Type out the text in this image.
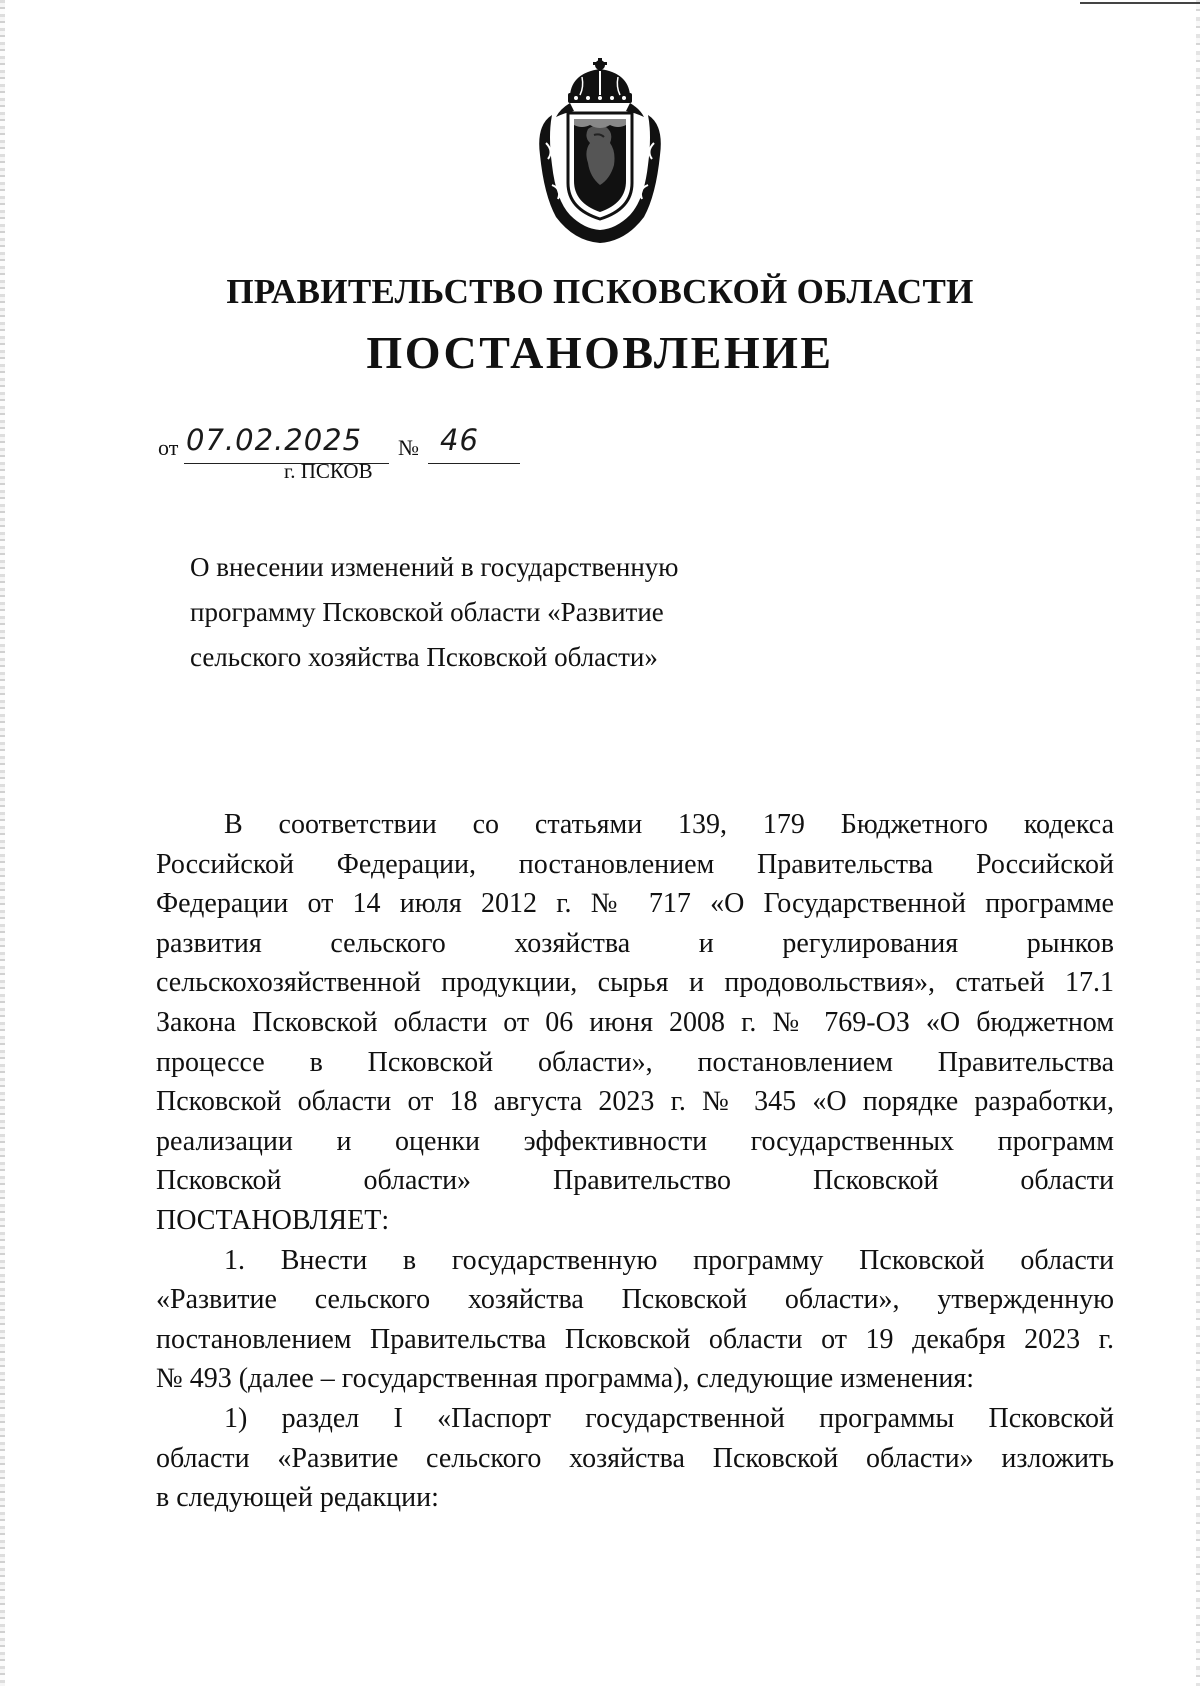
ПРАВИТЕЛЬСТВО ПСКОВСКОЙ ОБЛАСТИ
ПОСТАНОВЛЕНИЕ
от 07.02.2025 № 46
г. ПСКОВ
О внесении изменений в государственную
программу Псковской области «Развитие
сельского хозяйства Псковской области»
В соответствии со статьями 139, 179 Бюджетного кодекса
Российской Федерации, постановлением Правительства Российской
Федерации от 14 июля 2012 г. № 717 «О Государственной программе
развития сельского хозяйства и регулирования рынков
сельскохозяйственной продукции, сырья и продовольствия», статьей 17.1
Закона Псковской области от 06 июня 2008 г. № 769-ОЗ «О бюджетном
процессе в Псковской области», постановлением Правительства
Псковской области от 18 августа 2023 г. № 345 «О порядке разработки,
реализации и оценки эффективности государственных программ
Псковской области» Правительство Псковской области
ПОСТАНОВЛЯЕТ:
1. Внести в государственную программу Псковской области
«Развитие сельского хозяйства Псковской области», утвержденную
постановлением Правительства Псковской области от 19 декабря 2023 г.
№ 493 (далее – государственная программа), следующие изменения:
1) раздел I «Паспорт государственной программы Псковской
области «Развитие сельского хозяйства Псковской области» изложить
в следующей редакции:
